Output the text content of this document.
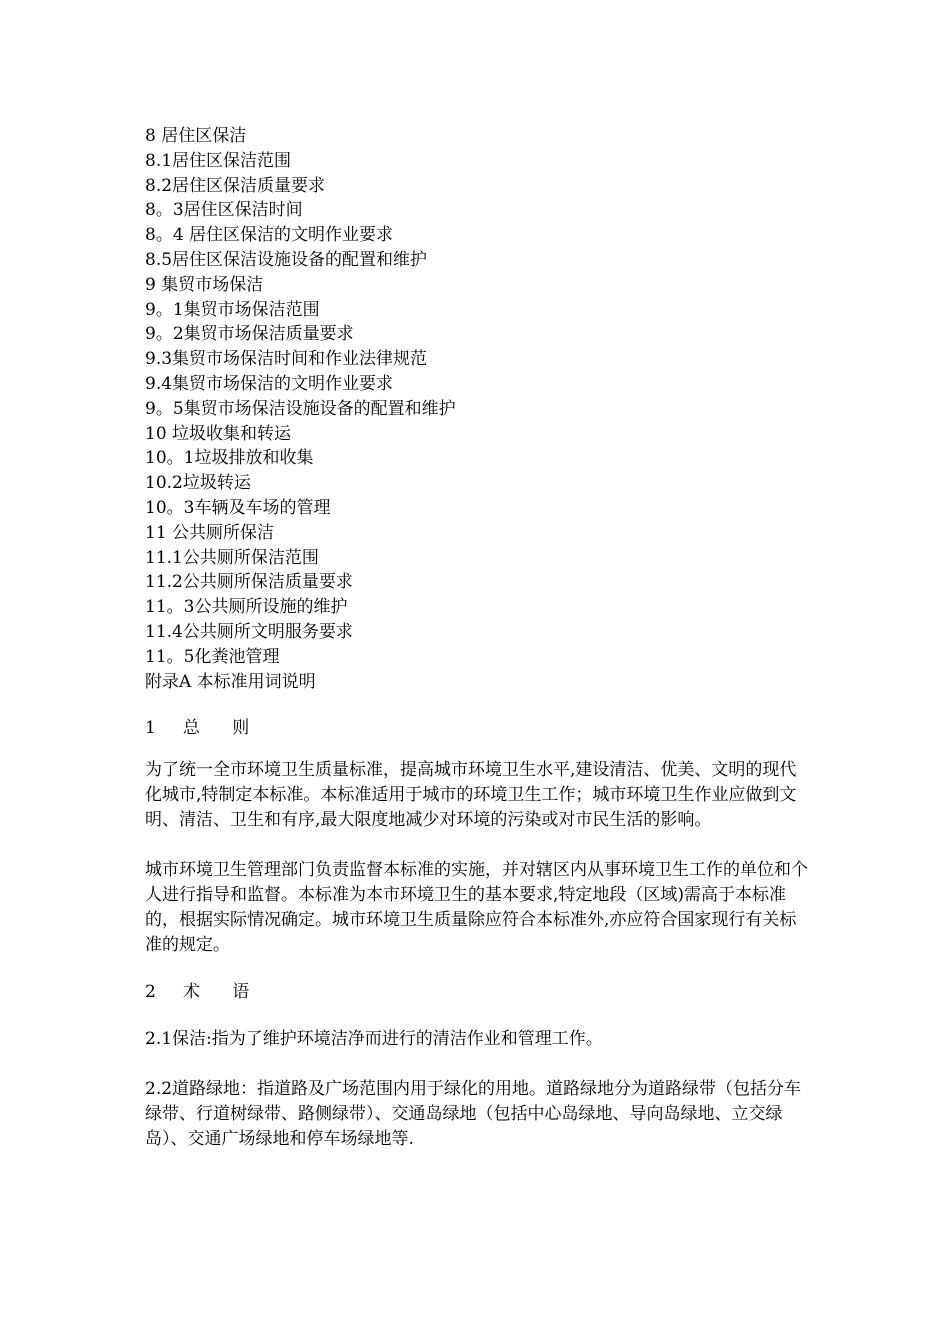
8 居住区保洁
8.1居住区保洁范围
8.2居住区保洁质量要求
8。3居住区保洁时间
8。4 居住区保洁的文明作业要求
8.5居住区保洁设施设备的配置和维护
9 集贸市场保洁
9。1集贸市场保洁范围
9。2集贸市场保洁质量要求
9.3集贸市场保洁时间和作业法律规范
9.4集贸市场保洁的文明作业要求
9。5集贸市场保洁设施设备的配置和维护
10 垃圾收集和转运
10。1垃圾排放和收集
10.2垃圾转运
10。3车辆及车场的管理
11 公共厕所保洁
11.1公共厕所保洁范围
11.2公共厕所保洁质量要求
11。3公共厕所设施的维护
11.4公共厕所文明服务要求
11。5化粪池管理
附录A 本标准用词说明
1     总      则

为了统一全市环境卫生质量标准，提高城市环境卫生水平,建设清洁、优美、文明的现代化城市,特制定本标准。本标准适用于城市的环境卫生工作；城市环境卫生作业应做到文明、清洁、卫生和有序,最大限度地减少对环境的污染或对市民生活的影响。

城市环境卫生管理部门负责监督本标准的实施，并对辖区内从事环境卫生工作的单位和个人进行指导和监督。本标准为本市环境卫生的基本要求,特定地段（区域)需高于本标准的，根据实际情况确定。城市环境卫生质量除应符合本标准外,亦应符合国家现行有关标准的规定。

2     术      语

2.1保洁:指为了维护环境洁净而进行的清洁作业和管理工作。

2.2道路绿地：指道路及广场范围内用于绿化的用地。道路绿地分为道路绿带（包括分车绿带、行道树绿带、路侧绿带）、交通岛绿地（包括中心岛绿地、导向岛绿地、立交绿岛）、交通广场绿地和停车场绿地等.
